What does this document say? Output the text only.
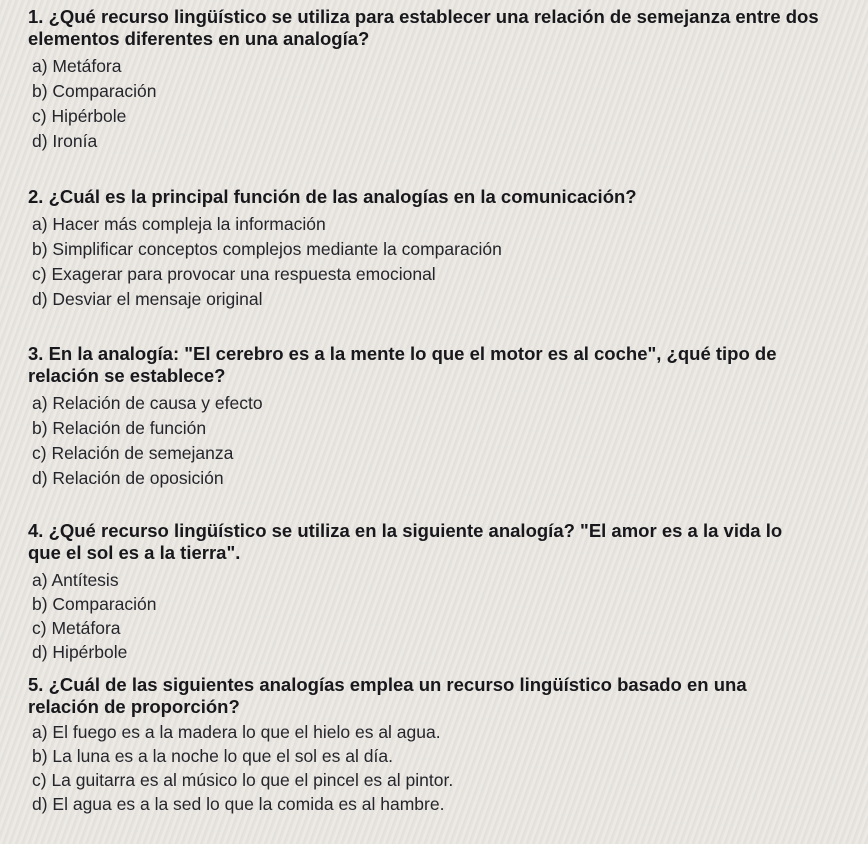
1. ¿Qué recurso lingüístico se utiliza para establecer una relación de semejanza entre dos elementos diferentes en una analogía?
a) Metáfora
b) Comparación
c) Hipérbole
d) Ironía
2. ¿Cuál es la principal función de las analogías en la comunicación?
a) Hacer más compleja la información
b) Simplificar conceptos complejos mediante la comparación
c) Exagerar para provocar una respuesta emocional
d) Desviar el mensaje original
3. En la analogía: "El cerebro es a la mente lo que el motor es al coche", ¿qué tipo de relación se establece?
a) Relación de causa y efecto
b) Relación de función
c) Relación de semejanza
d) Relación de oposición
4. ¿Qué recurso lingüístico se utiliza en la siguiente analogía? "El amor es a la vida lo que el sol es a la tierra".
a) Antítesis
b) Comparación
c) Metáfora
d) Hipérbole
5. ¿Cuál de las siguientes analogías emplea un recurso lingüístico basado en una relación de proporción?
a) El fuego es a la madera lo que el hielo es al agua.
b) La luna es a la noche lo que el sol es al día.
c) La guitarra es al músico lo que el pincel es al pintor.
d) El agua es a la sed lo que la comida es al hambre.
